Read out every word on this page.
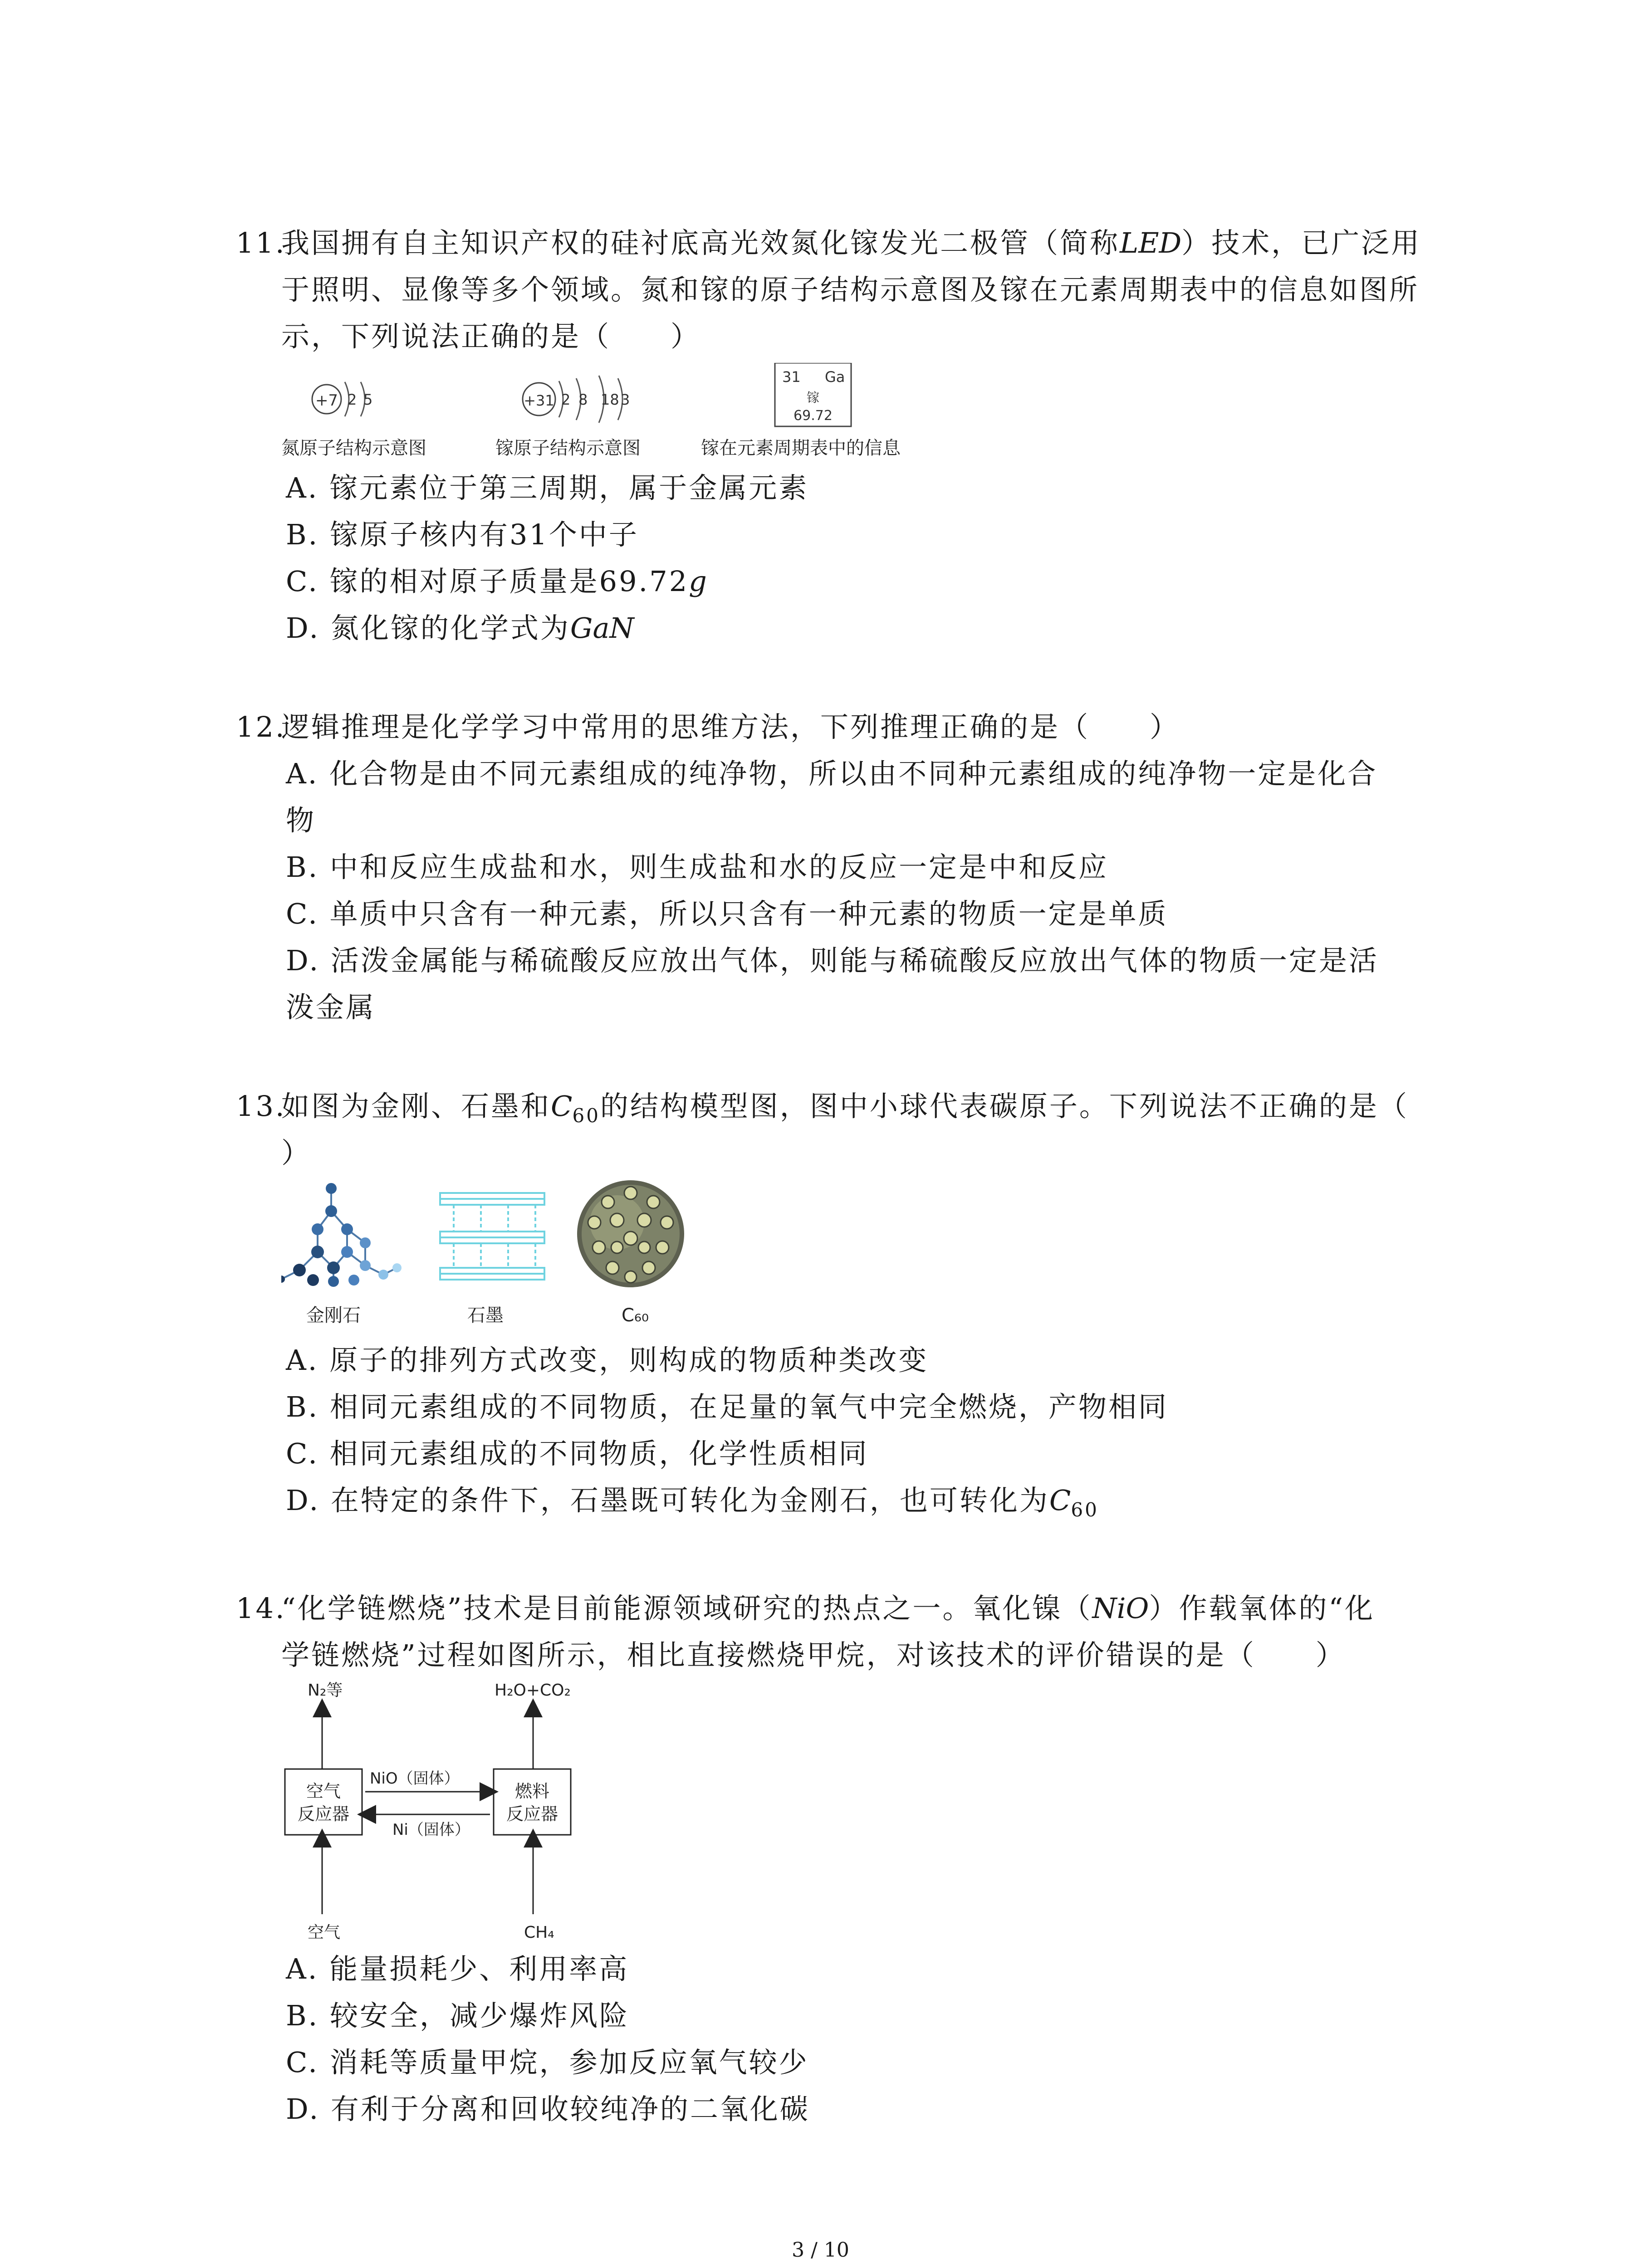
11.
我国拥有自主知识产权的硅衬底高光效氮化镓发光二极管（简称LED）技术，已广泛用
于照明、显像等多个领域。氮和镓的原子结构示意图及镓在元素周期表中的信息如图所
示，下列说法正确的是（　　）
+7 2 5	+31 2 8 18 3
31 Ga
镓
69.72
氮原子结构示意图	镓原子结构示意图	镓在元素周期表中的信息
A. 镓元素位于第三周期，属于金属元素
B. 镓原子核内有31个中子
C. 镓的相对原子质量是69.72g
D. 氮化镓的化学式为GaN
12.
逻辑推理是化学学习中常用的思维方法，下列推理正确的是（　　）
A. 化合物是由不同元素组成的纯净物，所以由不同种元素组成的纯净物一定是化合
物
B. 中和反应生成盐和水，则生成盐和水的反应一定是中和反应
C. 单质中只含有一种元素，所以只含有一种元素的物质一定是单质
D. 活泼金属能与稀硫酸反应放出气体，则能与稀硫酸反应放出气体的物质一定是活
泼金属
13.
如图为金刚、石墨和$C_{60}$的结构模型图，图中小球代表碳原子。下列说法不正确的是（
）
金刚石	石墨	C₆₀
A. 原子的排列方式改变，则构成的物质种类改变
B. 相同元素组成的不同物质，在足量的氧气中完全燃烧，产物相同
C. 相同元素组成的不同物质，化学性质相同
D. 在特定的条件下，石墨既可转化为金刚石，也可转化为$C_{60}$
14.
“化学链燃烧”技术是目前能源领域研究的热点之一。氧化镍（NiO）作载氧体的“化
学链燃烧”过程如图所示，相比直接燃烧甲烷，对该技术的评价错误的是（　　）
N₂等	H₂O+CO₂
空气
反应器
燃料
反应器
NiO（固体）
Ni（固体）
空气	CH₄
A. 能量损耗少、利用率高
B. 较安全，减少爆炸风险
C. 消耗等质量甲烷，参加反应氧气较少
D. 有利于分离和回收较纯净的二氧化碳
3 / 10
